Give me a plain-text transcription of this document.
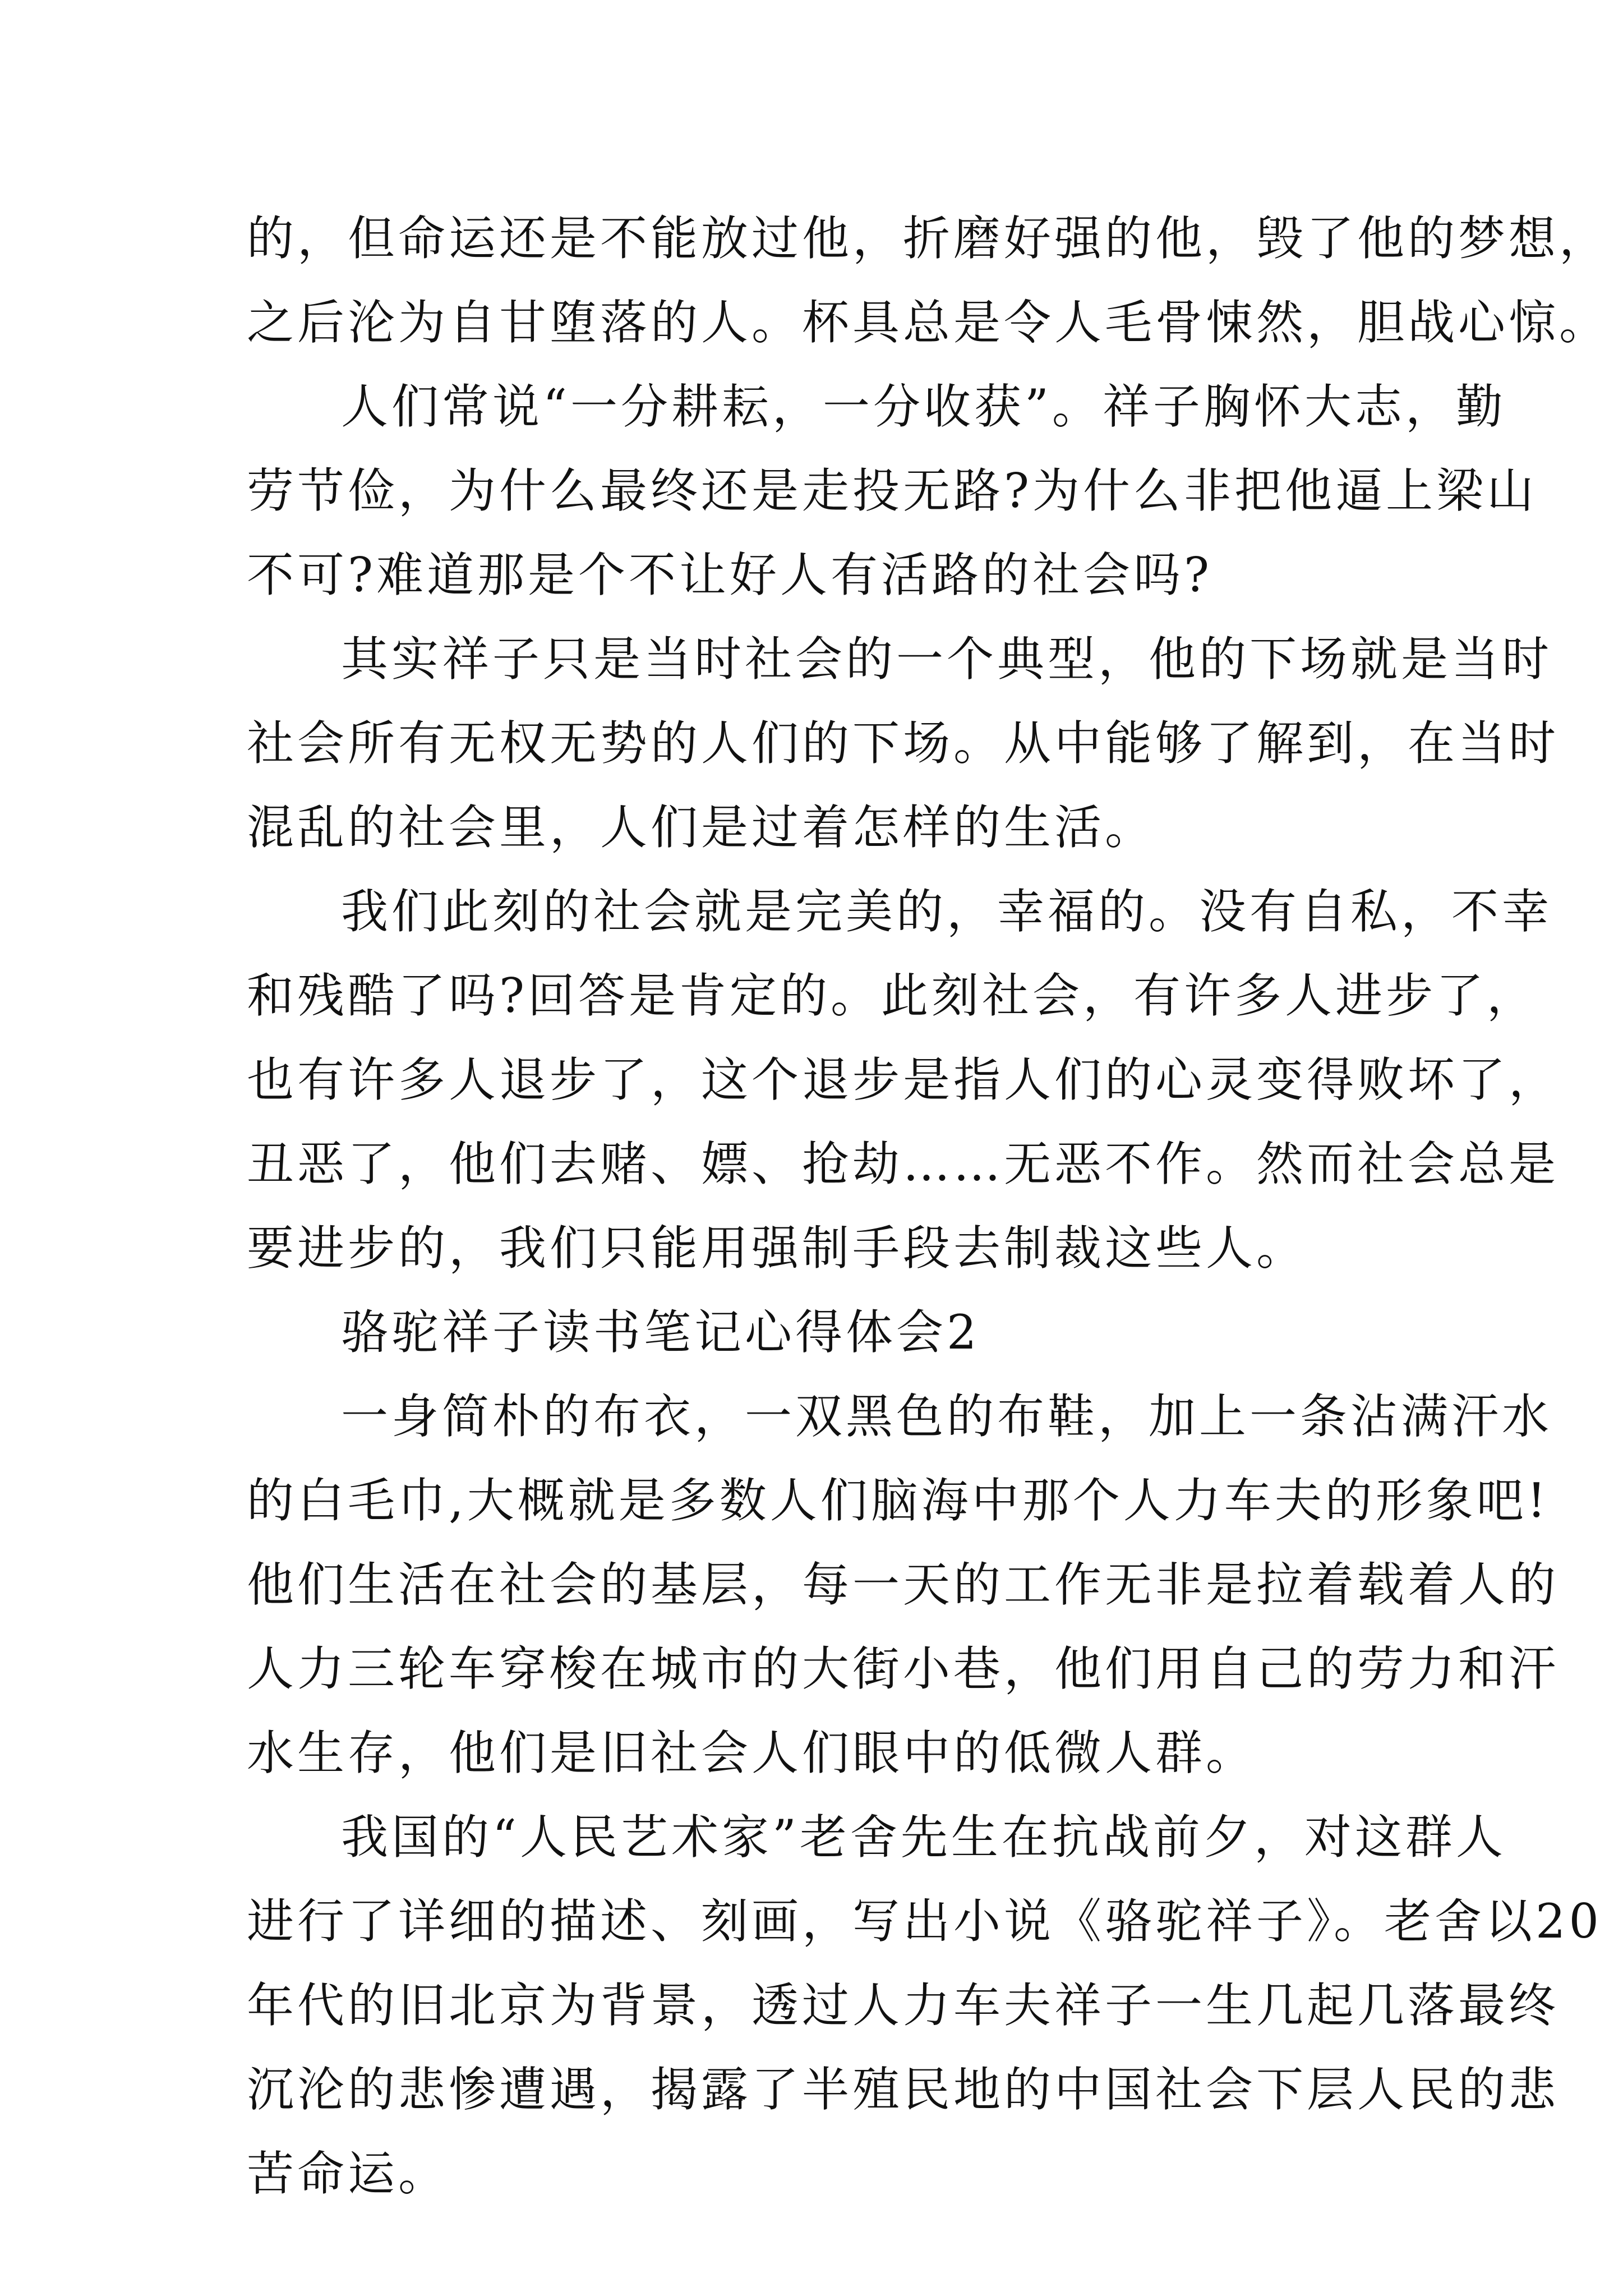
的，但命运还是不能放过他，折磨好强的他，毁了他的梦想，
之后沦为自甘堕落的人。杯具总是令人毛骨悚然，胆战心惊。
人们常说“一分耕耘，一分收获”。祥子胸怀大志，勤
劳节俭，为什么最终还是走投无路?为什么非把他逼上梁山
不可?难道那是个不让好人有活路的社会吗?
其实祥子只是当时社会的一个典型，他的下场就是当时
社会所有无权无势的人们的下场。从中能够了解到，在当时
混乱的社会里，人们是过着怎样的生活。
我们此刻的社会就是完美的，幸福的。没有自私，不幸
和残酷了吗?回答是肯定的。此刻社会，有许多人进步了，
也有许多人退步了，这个退步是指人们的心灵变得败坏了，
丑恶了，他们去赌、嫖、抢劫……无恶不作。然而社会总是
要进步的，我们只能用强制手段去制裁这些人。
骆驼祥子读书笔记心得体会2
一身简朴的布衣，一双黑色的布鞋，加上一条沾满汗水
的白毛巾,大概就是多数人们脑海中那个人力车夫的形象吧!
他们生活在社会的基层，每一天的工作无非是拉着载着人的
人力三轮车穿梭在城市的大街小巷，他们用自己的劳力和汗
水生存，他们是旧社会人们眼中的低微人群。
我国的“人民艺术家”老舍先生在抗战前夕，对这群人
进行了详细的描述、刻画，写出小说《骆驼祥子》。老舍以20
年代的旧北京为背景，透过人力车夫祥子一生几起几落最终
沉沦的悲惨遭遇，揭露了半殖民地的中国社会下层人民的悲
苦命运。
